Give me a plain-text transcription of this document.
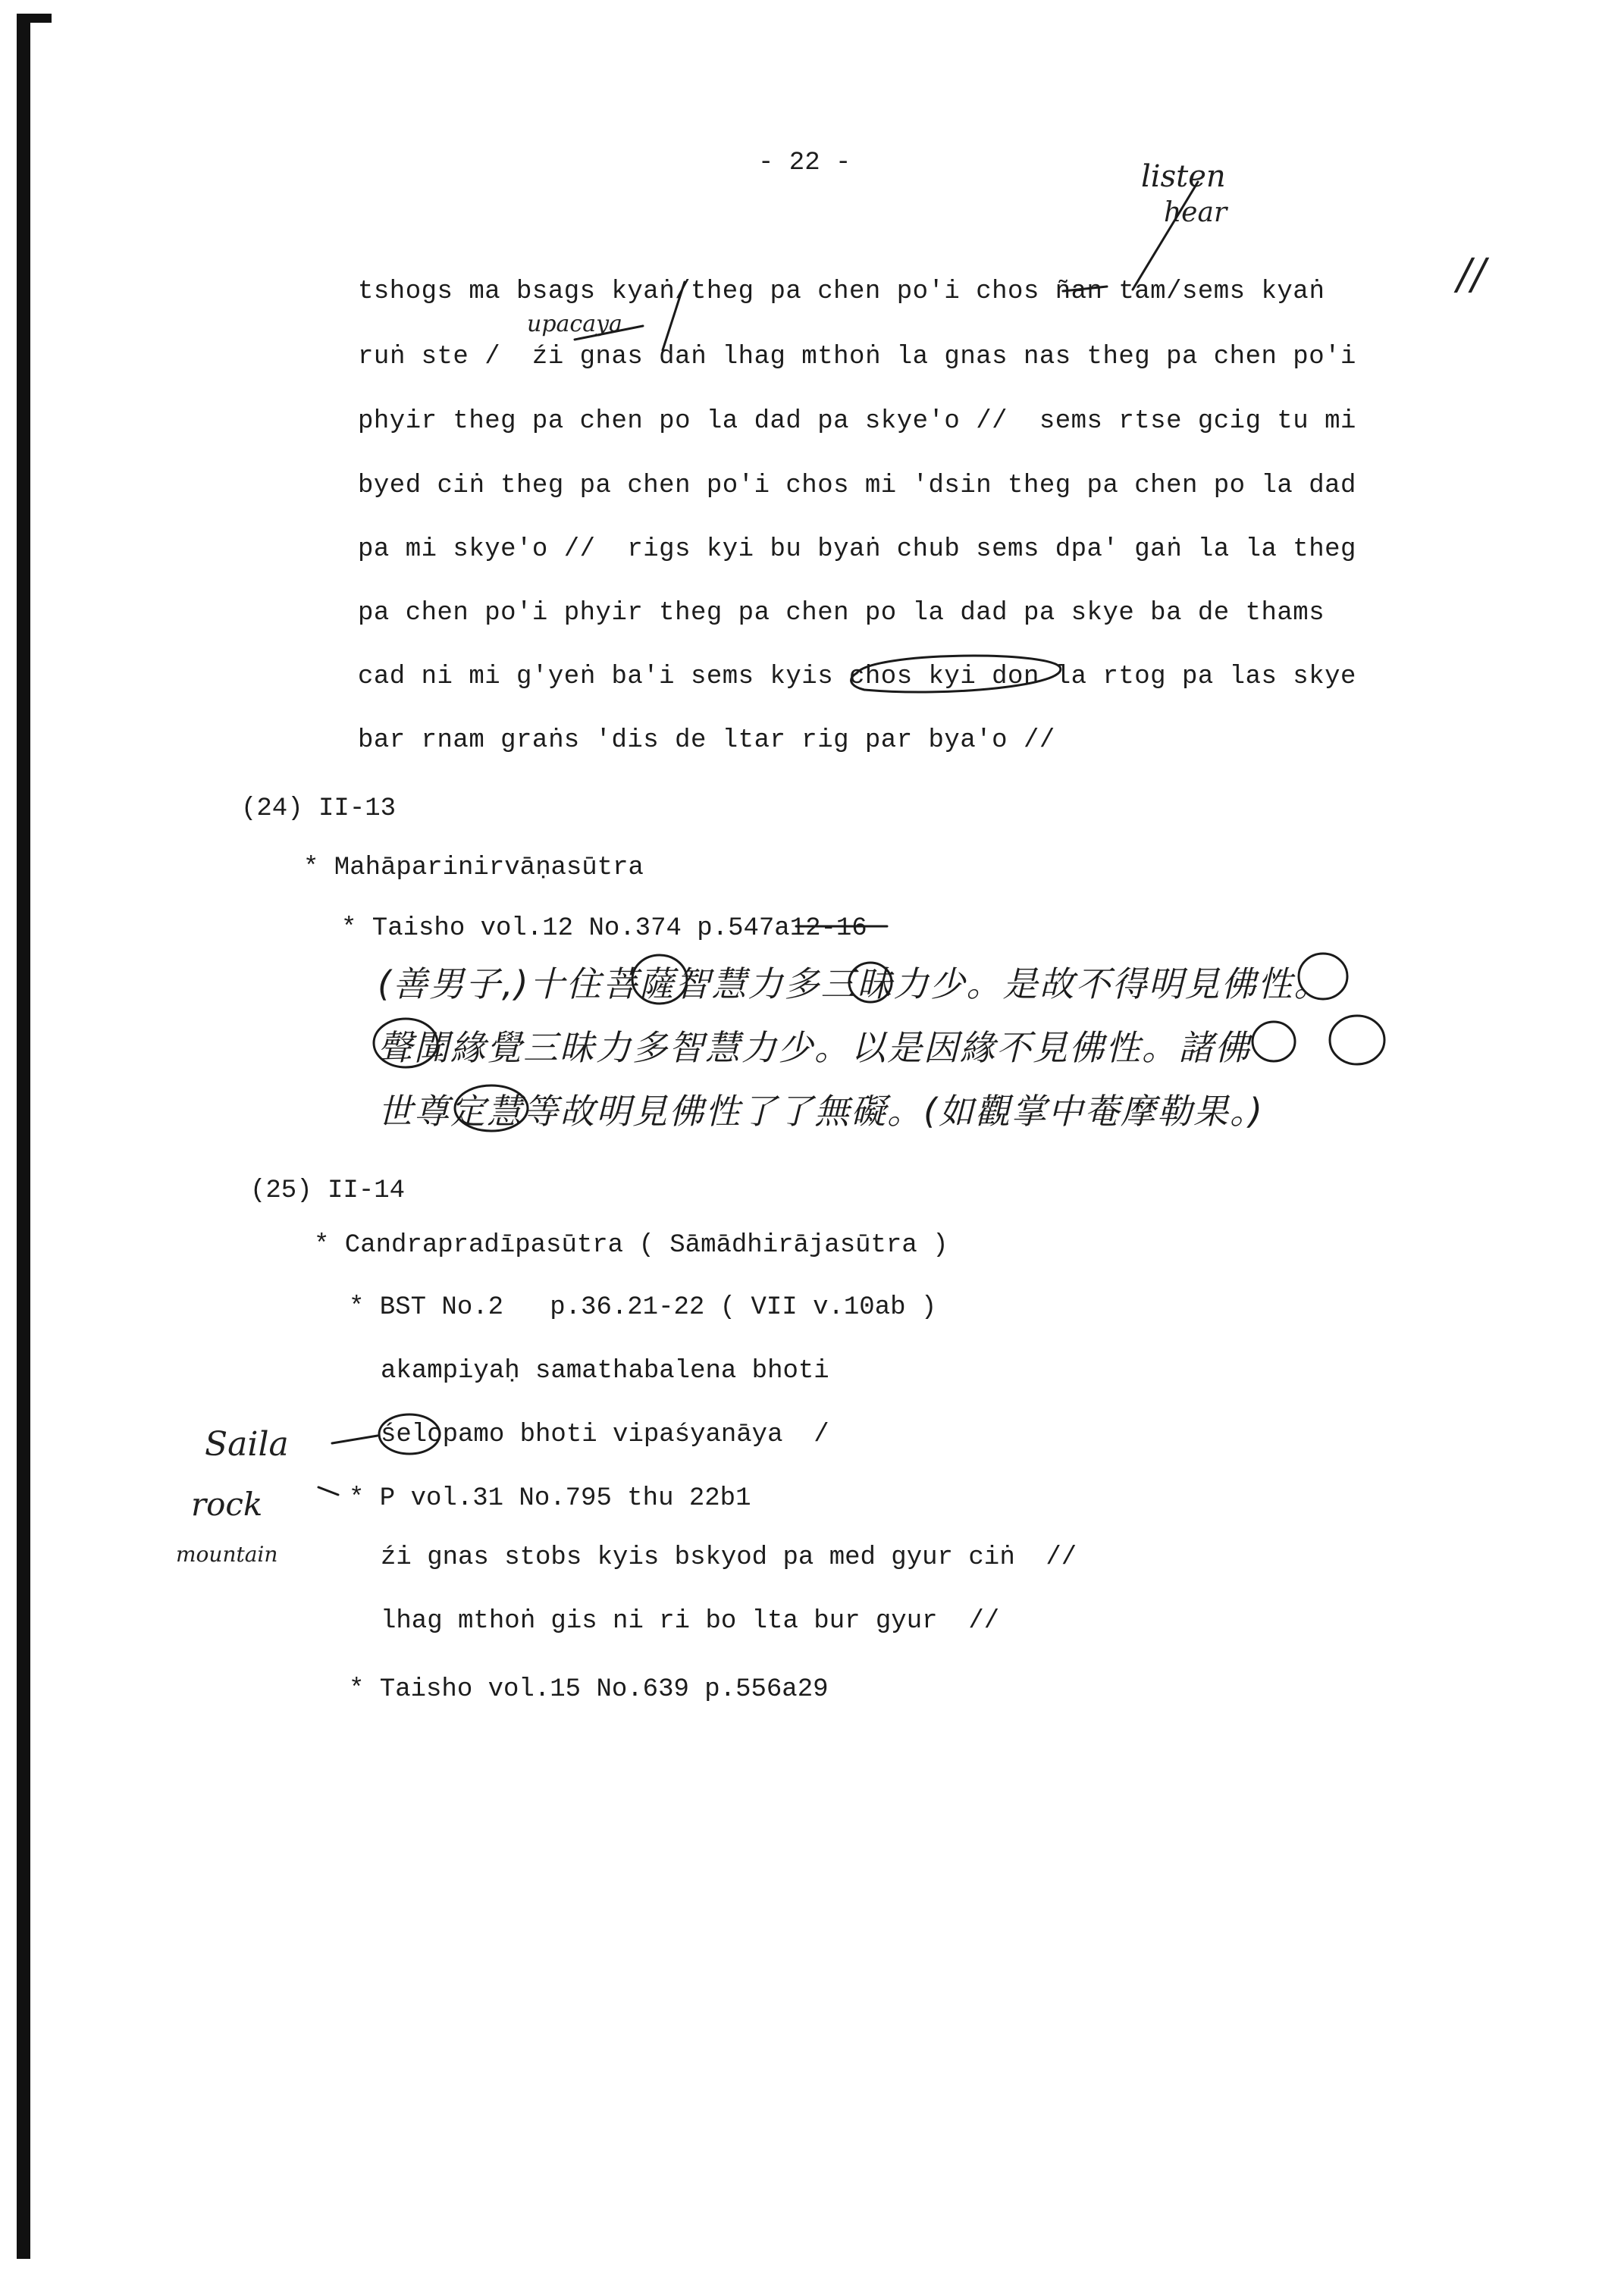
- 22 -	listen
hear
//
upacaya
tshogs ma bsags kyaṅ/theg pa chen po'i chos ñan tam/sems kyaṅ
ruṅ ste /  źi gnas daṅ lhag mthoṅ la gnas nas theg pa chen po'i
phyir theg pa chen po la dad pa skye'o //  sems rtse gcig tu mi
byed ciṅ theg pa chen po'i chos mi 'dsin theg pa chen po la dad
pa mi skye'o //  rigs kyi bu byaṅ chub sems dpa' gaṅ la la theg
pa chen po'i phyir theg pa chen po la dad pa skye ba de thams
cad ni mi g'yeṅ ba'i sems kyis chos kyi don la rtog pa las skye
bar rnam graṅs 'dis de ltar rig par bya'o //
(24) II-13
* Mahāparinirvāṇasūtra
* Taisho vol.12 No.374 p.547a12-16
(善男子,)十住菩薩智慧力多三昧力少。是故不得明見佛性。
聲聞緣覺三昧力多智慧力少。以是因緣不見佛性。諸佛
世尊定慧等故明見佛性了了無礙。(如觀掌中菴摩勒果。)
(25) II-14
* Candrapradīpasūtra ( Sāmādhirājasūtra )
* BST No.2   p.36.21-22 ( VII v.10ab )
akampiyaḥ samathabalena bhoti
śelopamo bhoti vipaśyanāya  /
* P vol.31 No.795 thu 22b1
źi gnas stobs kyis bskyod pa med gyur ciṅ  //
lhag mthoṅ gis ni ri bo lta bur gyur  //
* Taisho vol.15 No.639 p.556a29
Saila
rock
mountain
